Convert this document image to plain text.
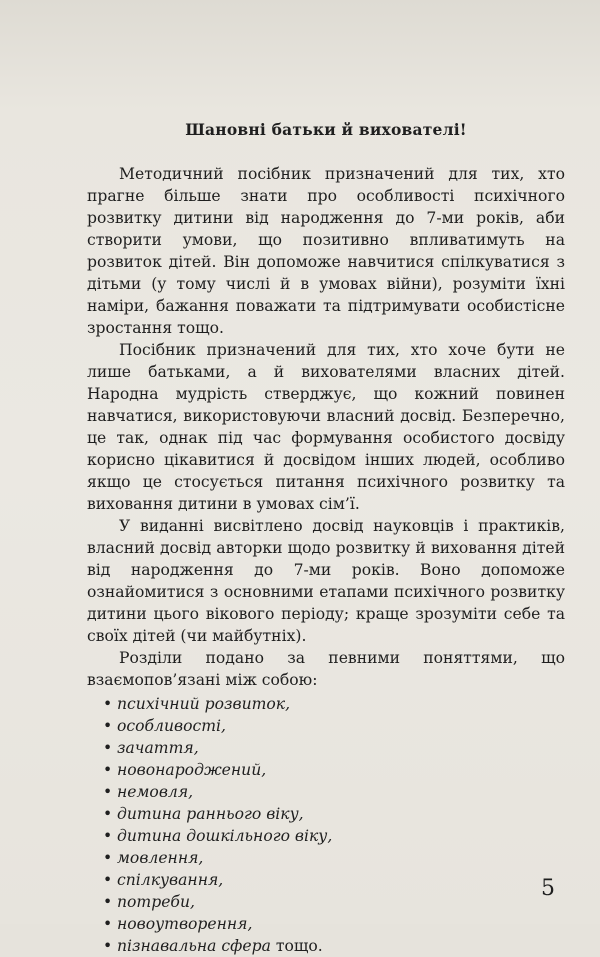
Шановні батьки й вихователі!

Методичний посібник призначений для тих, хто прагне більше знати про особливості психічного розвитку дитини від народження до 7-ми років, аби створити умови, що позитивно впливатимуть на розвиток дітей. Він допоможе навчитися спілкуватися з дітьми (у тому числі й в умовах війни), розуміти їхні наміри, бажання поважати та підтримувати особистісне зростання тощо.

Посібник призначений для тих, хто хоче бути не лише батьками, а й вихователями власних дітей. Народна мудрість стверджує, що кожний повинен навчатися, використовуючи власний досвід. Безперечно, це так, однак під час формування особистого досвіду корисно цікавитися й досвідом інших людей, особливо якщо це стосується питання психічного розвитку та виховання дитини в умовах сім’ї.

У виданні висвітлено досвід науковців і практиків, власний досвід авторки щодо розвитку й виховання дітей від народження до 7-ми років. Воно допоможе ознайомитися з основними етапами психічного розвитку дитини цього вікового періоду; краще зрозуміти себе та своїх дітей (чи майбутніх).

Розділи подано за певними поняттями, що взаємопов’язані між собою:

• психічний розвиток,
• особливості,
• зачаття,
• новонароджений,
• немовля,
• дитина раннього віку,
• дитина дошкільного віку,
• мовлення,
• спілкування,
• потреби,
• новоутворення,
• пізнавальна сфера тощо.
5
